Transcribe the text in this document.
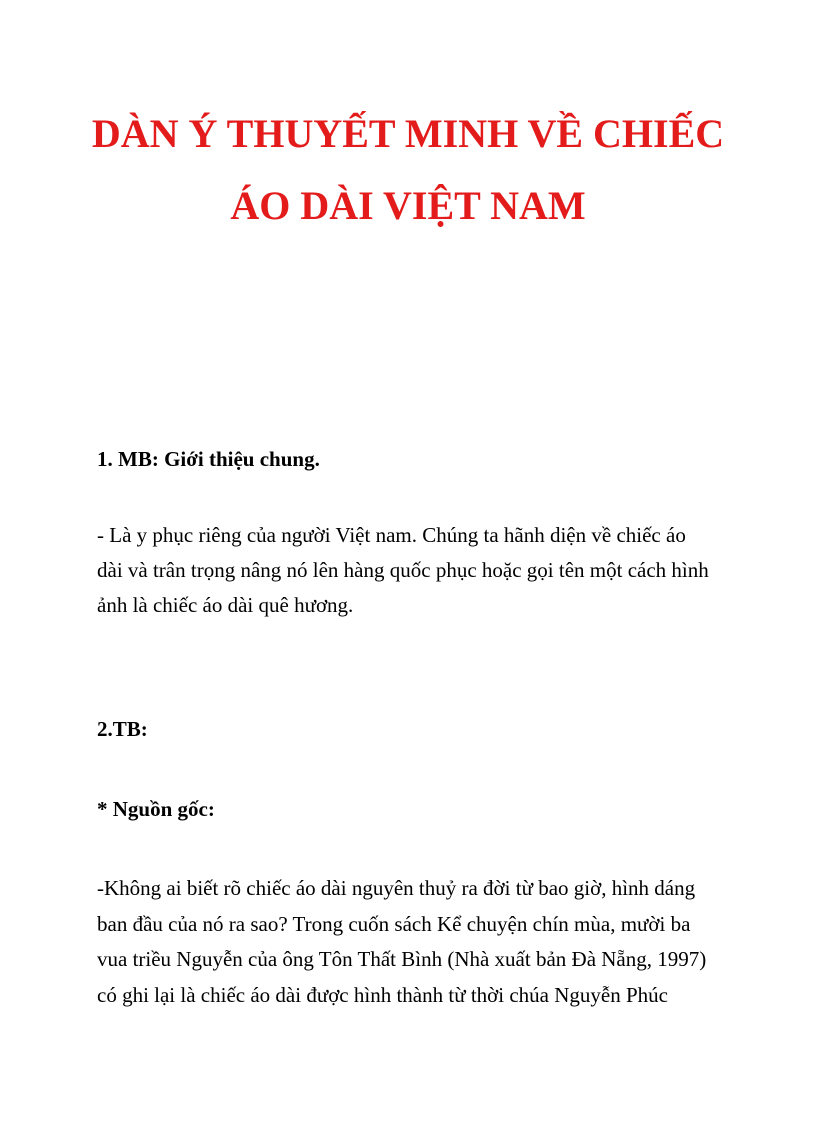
DÀN Ý THUYẾT MINH VỀ CHIẾC
ÁO DÀI VIỆT NAM

1. MB: Giới thiệu chung.

- Là y phục riêng của người Việt nam. Chúng ta hãnh diện về chiếc áo
dài và trân trọng nâng nó lên hàng quốc phục hoặc gọi tên một cách hình
ảnh là chiếc áo dài quê hương.

2.TB:

* Nguồn gốc:

-Không ai biết rõ chiếc áo dài nguyên thuỷ ra đời từ bao giờ, hình dáng
ban đầu của nó ra sao? Trong cuốn sách Kể chuyện chín mùa, mười ba
vua triều Nguyễn của ông Tôn Thất Bình (Nhà xuất bản Đà Nẵng, 1997)
có ghi lại là chiếc áo dài được hình thành từ thời chúa Nguyễn Phúc
